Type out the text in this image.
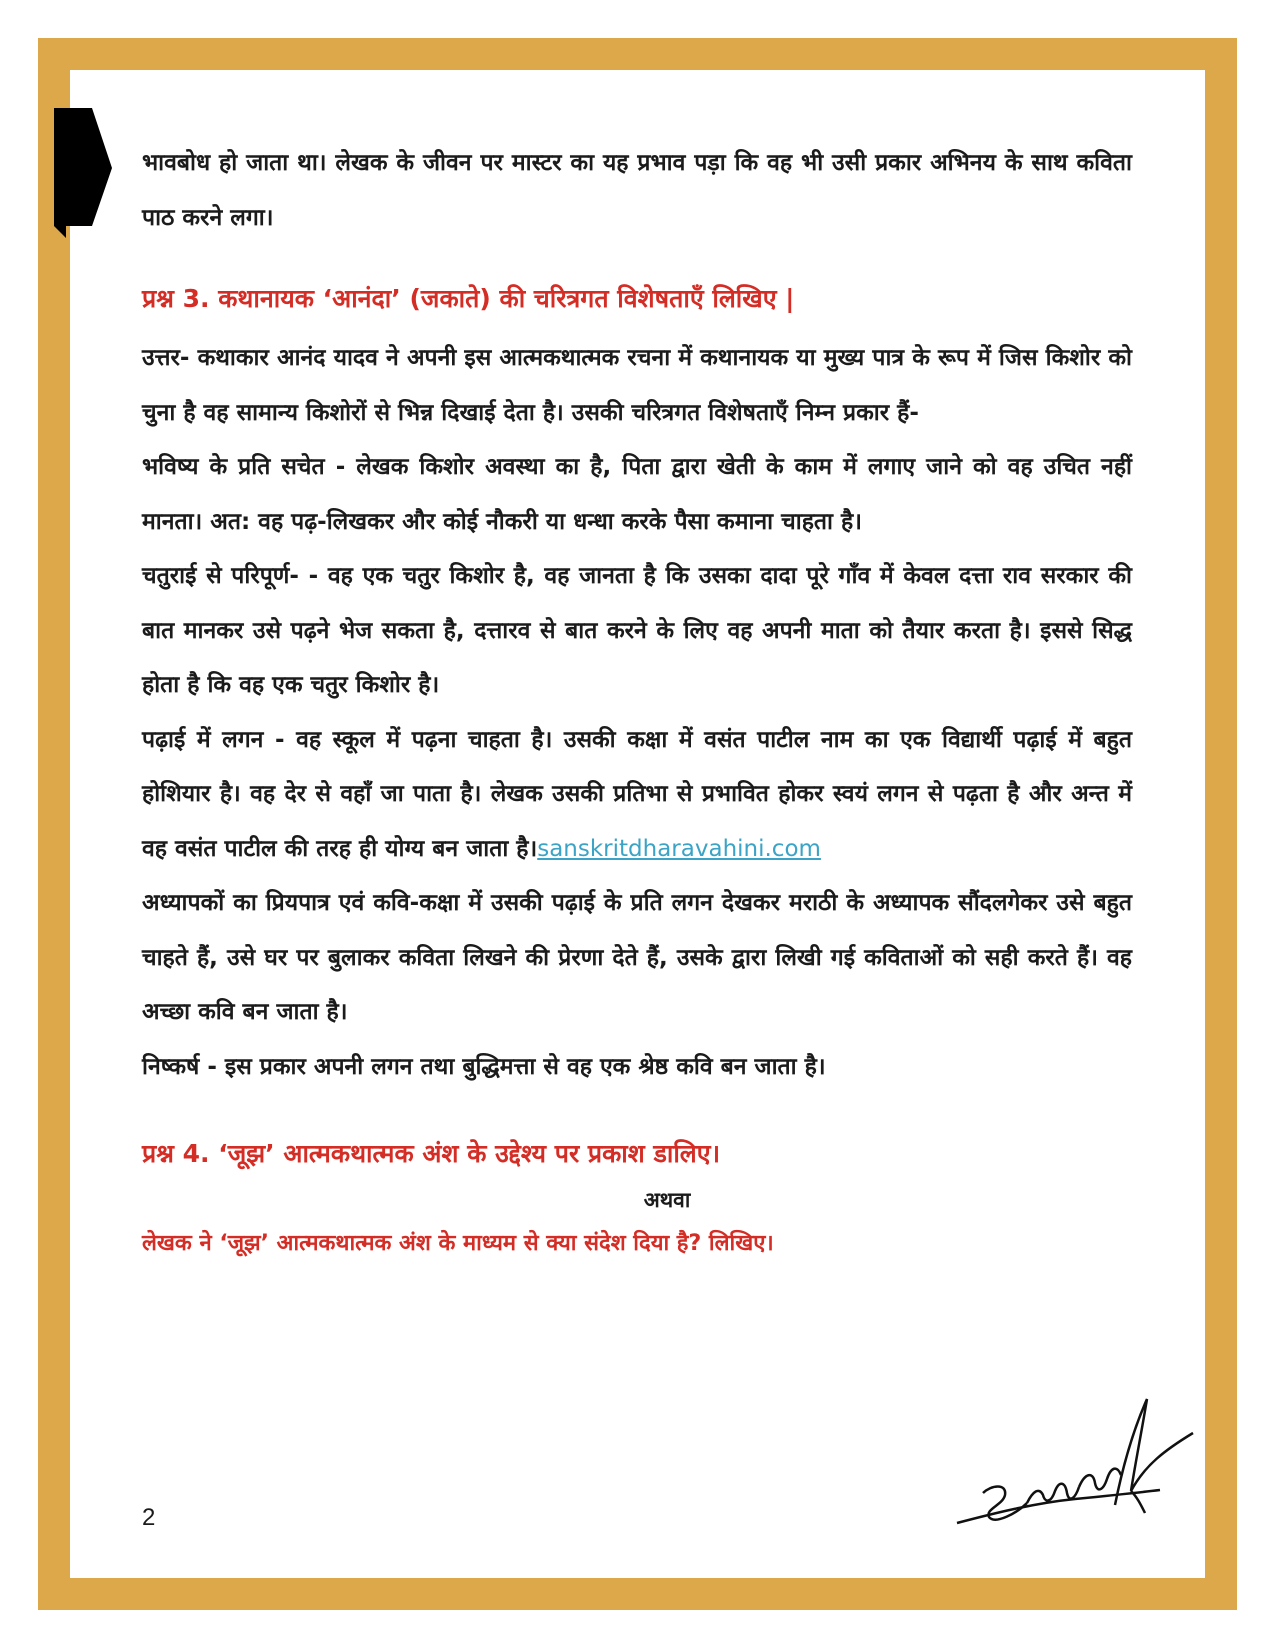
भावबोध हो जाता था। लेखक के जीवन पर मास्टर का यह प्रभाव पड़ा कि वह भी उसी प्रकार अभिनय के साथ कविता पाठ करने लगा।

प्रश्न 3. कथानायक ‘आनंदा’ (जकाते) की चरित्रगत विशेषताएँ लिखिए |

उत्तर- कथाकार आनंद यादव ने अपनी इस आत्मकथात्मक रचना में कथानायक या मुख्य पात्र के रूप में जिस किशोर को चुना है वह सामान्य किशोरों से भिन्न दिखाई देता है। उसकी चरित्रगत विशेषताएँ निम्न प्रकार हैं-

भविष्य के प्रति सचेत - लेखक किशोर अवस्था का है, पिता द्वारा खेती के काम में लगाए जाने को वह उचित नहीं मानता। अत: वह पढ़-लिखकर और कोई नौकरी या धन्धा करके पैसा कमाना चाहता है।

चतुराई से परिपूर्ण- - वह एक चतुर किशोर है, वह जानता है कि उसका दादा पूरे गाँव में केवल दत्ता राव सरकार की बात मानकर उसे पढ़ने भेज सकता है, दत्तारव से बात करने के लिए वह अपनी माता को तैयार करता है। इससे सिद्ध होता है कि वह एक चतुर किशोर है।

पढ़ाई में लगन - वह स्कूल में पढ़ना चाहता है। उसकी कक्षा में वसंत पाटील नाम का एक विद्यार्थी पढ़ाई में बहुत होशियार है। वह देर से वहाँ जा पाता है। लेखक उसकी प्रतिभा से प्रभावित होकर स्वयं लगन से पढ़ता है और अन्त में वह वसंत पाटील की तरह ही योग्य बन जाता है।sanskritdharavahini.com

अध्यापकों का प्रियपात्र एवं कवि-कक्षा में उसकी पढ़ाई के प्रति लगन देखकर मराठी के अध्यापक सौंदलगेकर उसे बहुत चाहते हैं, उसे घर पर बुलाकर कविता लिखने की प्रेरणा देते हैं, उसके द्वारा लिखी गई कविताओं को सही करते हैं। वह अच्छा कवि बन जाता है।

निष्कर्ष - इस प्रकार अपनी लगन तथा बुद्धिमत्ता से वह एक श्रेष्ठ कवि बन जाता है।

प्रश्न 4. ‘जूझ’ आत्मकथात्मक अंश के उद्देश्य पर प्रकाश डालिए।
अथवा

लेखक ने ‘जूझ’ आत्मकथात्मक अंश के माध्यम से क्या संदेश दिया है? लिखिए।

2
